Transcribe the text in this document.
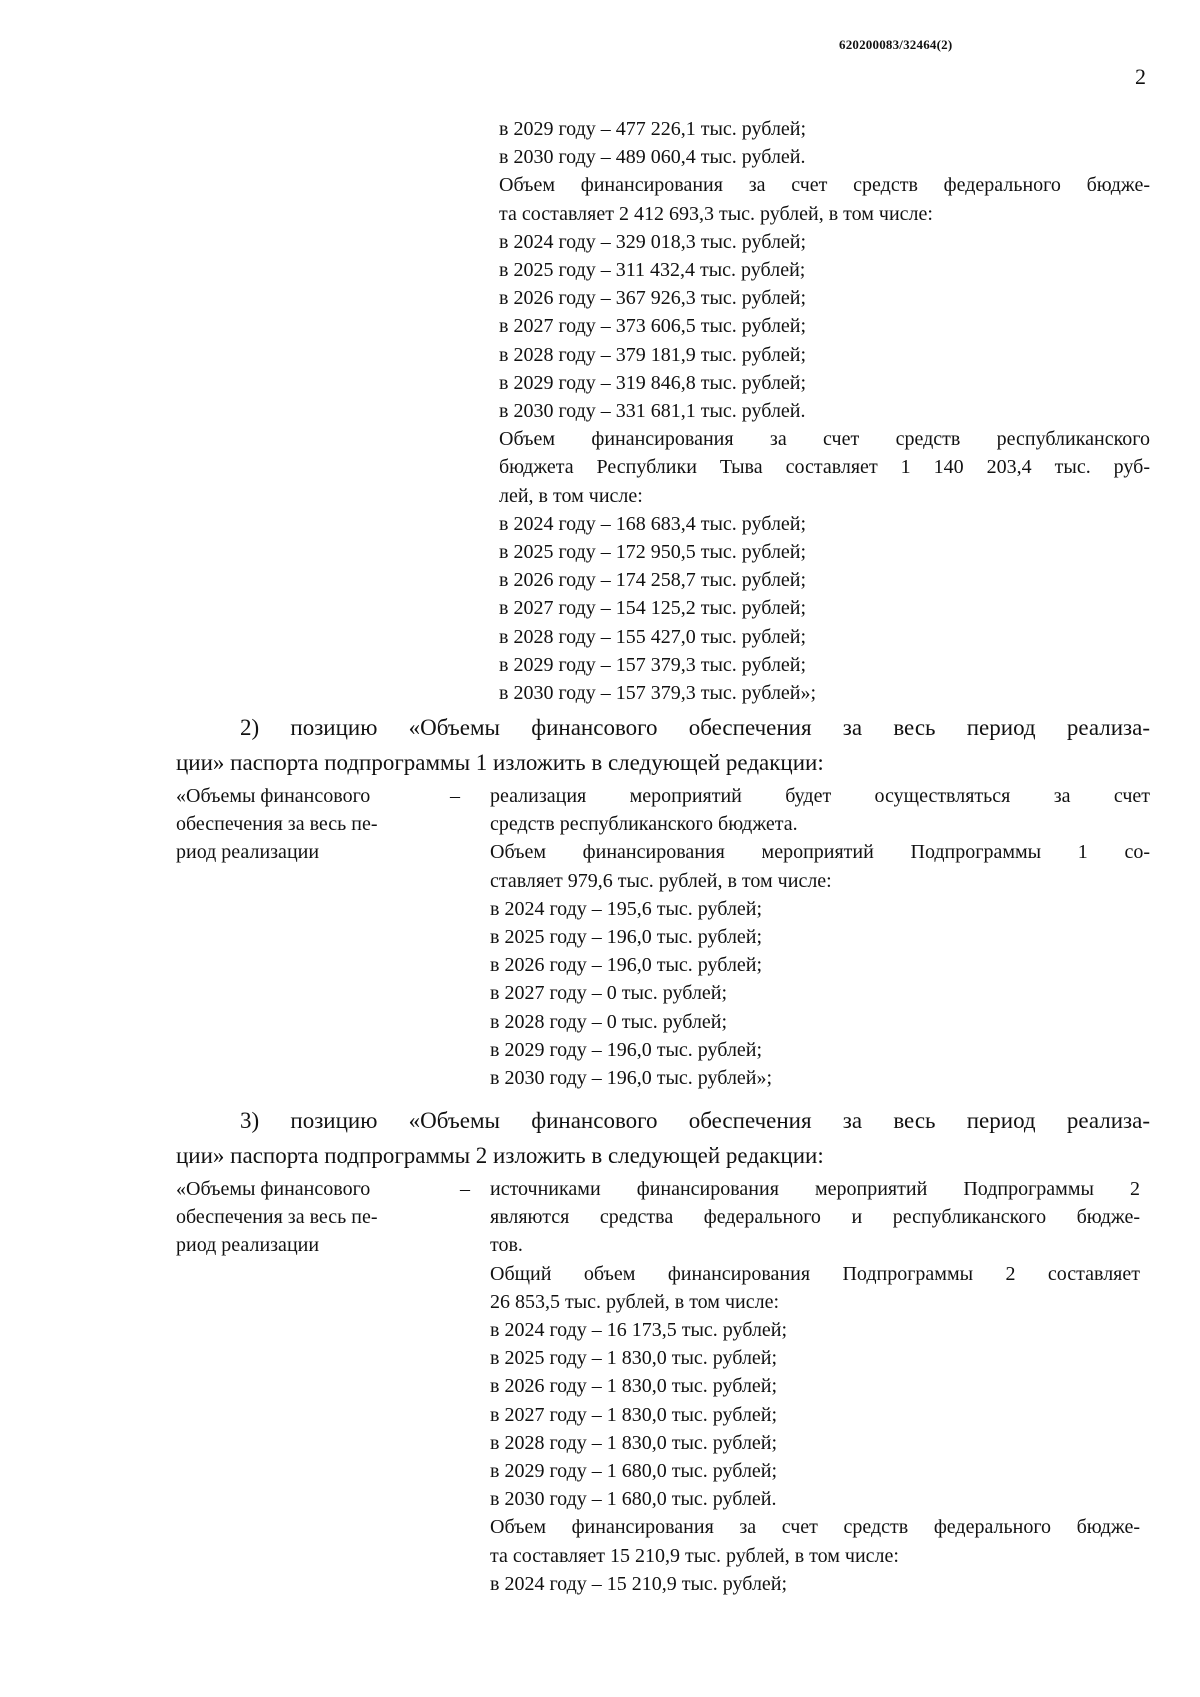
620200083/32464(2)
2

в 2029 году – 477 226,1 тыс. рублей;

в 2030 году – 489 060,4 тыс. рублей.

Объем финансирования за счет средств федерального бюдже-

та составляет 2 412 693,3 тыс. рублей, в том числе:

в 2024 году – 329 018,3 тыс. рублей;

в 2025 году – 311 432,4 тыс. рублей;

в 2026 году – 367 926,3 тыс. рублей;

в 2027 году – 373 606,5 тыс. рублей;

в 2028 году – 379 181,9 тыс. рублей;

в 2029 году – 319 846,8 тыс. рублей;

в 2030 году – 331 681,1 тыс. рублей.

Объем финансирования за счет средств республиканского

бюджета Республики Тыва составляет 1 140 203,4 тыс. руб-

лей, в том числе:

в 2024 году – 168 683,4 тыс. рублей;

в 2025 году – 172 950,5 тыс. рублей;

в 2026 году – 174 258,7 тыс. рублей;

в 2027 году – 154 125,2 тыс. рублей;

в 2028 году – 155 427,0 тыс. рублей;

в 2029 году – 157 379,3 тыс. рублей;

в 2030 году – 157 379,3 тыс. рублей»;

2) позицию «Объемы финансового обеспечения за весь период реализа-

ции» паспорта подпрограммы 1 изложить в следующей редакции:

«Объемы финансового

обеспечения за весь пе-

риод реализации

– реализация мероприятий будет осуществляться за счет

средств республиканского бюджета.

Объем финансирования мероприятий Подпрограммы 1 со-

ставляет 979,6 тыс. рублей, в том числе:

в 2024 году – 195,6 тыс. рублей;

в 2025 году – 196,0 тыс. рублей;

в 2026 году – 196,0 тыс. рублей;

в 2027 году – 0 тыс. рублей;

в 2028 году – 0 тыс. рублей;

в 2029 году – 196,0 тыс. рублей;

в 2030 году – 196,0 тыс. рублей»;

3) позицию «Объемы финансового обеспечения за весь период реализа-

ции» паспорта подпрограммы 2 изложить в следующей редакции:

«Объемы финансового

обеспечения за весь пе-

риод реализации

– источниками финансирования мероприятий Подпрограммы 2

являются средства федерального и республиканского бюдже-

тов.

Общий объем финансирования Подпрограммы 2 составляет

26 853,5 тыс. рублей, в том числе:

в 2024 году – 16 173,5 тыс. рублей;

в 2025 году – 1 830,0 тыс. рублей;

в 2026 году – 1 830,0 тыс. рублей;

в 2027 году – 1 830,0 тыс. рублей;

в 2028 году – 1 830,0 тыс. рублей;

в 2029 году – 1 680,0 тыс. рублей;

в 2030 году – 1 680,0 тыс. рублей.

Объем финансирования за счет средств федерального бюдже-

та составляет 15 210,9 тыс. рублей, в том числе:

в 2024 году – 15 210,9 тыс. рублей;
